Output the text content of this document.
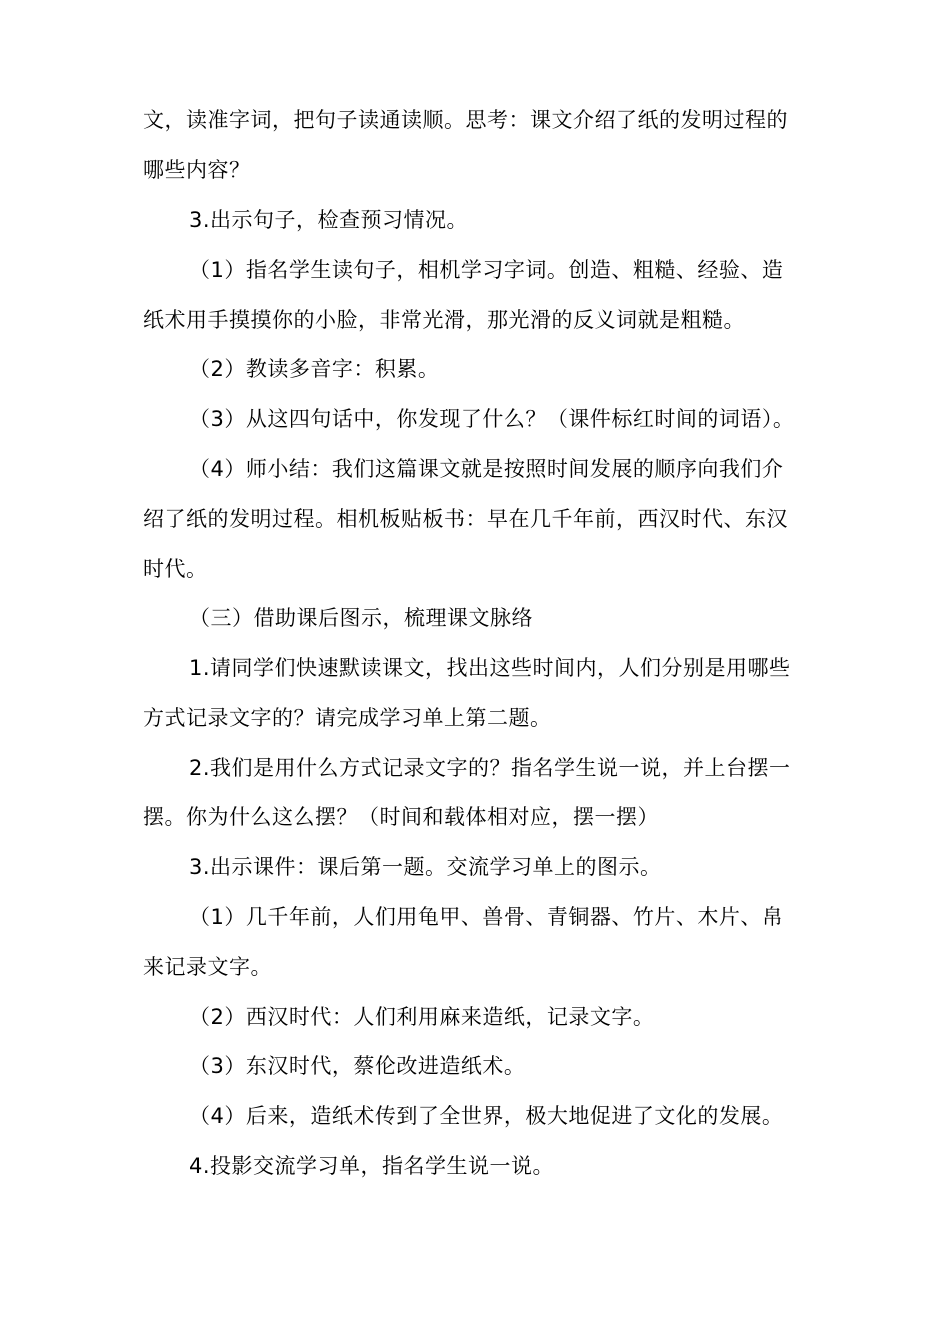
文，读准字词，把句子读通读顺。思考：课文介绍了纸的发明过程的
哪些内容？
3.出示句子，检查预习情况。
（1）指名学生读句子，相机学习字词。创造、粗糙、经验、造
纸术用手摸摸你的小脸，非常光滑，那光滑的反义词就是粗糙。
（2）教读多音字：积累。
（3）从这四句话中，你发现了什么？（课件标红时间的词语）。
（4）师小结：我们这篇课文就是按照时间发展的顺序向我们介
绍了纸的发明过程。相机板贴板书：早在几千年前，西汉时代、东汉
时代。
（三）借助课后图示，梳理课文脉络
1.请同学们快速默读课文，找出这些时间内，人们分别是用哪些
方式记录文字的？请完成学习单上第二题。
2.我们是用什么方式记录文字的？指名学生说一说，并上台摆一
摆。你为什么这么摆？（时间和载体相对应，摆一摆）
3.出示课件：课后第一题。交流学习单上的图示。
（1）几千年前，人们用龟甲、兽骨、青铜器、竹片、木片、帛
来记录文字。
（2）西汉时代：人们利用麻来造纸，记录文字。
（3）东汉时代，蔡伦改进造纸术。
（4）后来，造纸术传到了全世界，极大地促进了文化的发展。
4.投影交流学习单，指名学生说一说。
